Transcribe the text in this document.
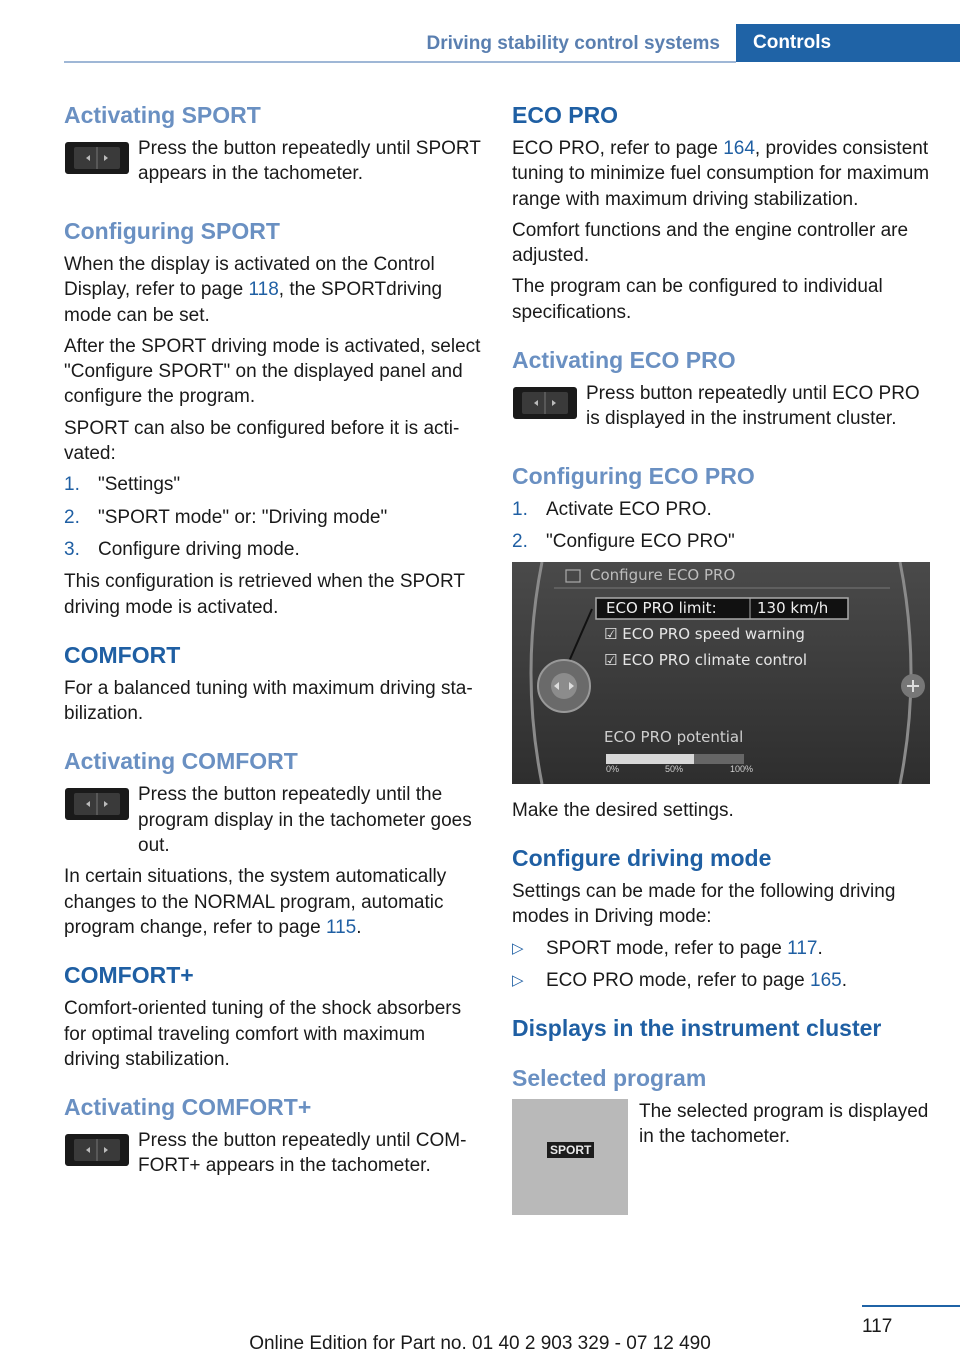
Driving stability control systems	Controls
Activating SPORT

Press the button repeatedly until SPORT appears in the tachometer.

Configuring SPORT

When the display is activated on the Control Display, refer to page 118, the SPORTdriving mode can be set.

After the SPORT driving mode is activated, select "Configure SPORT" on the displayed panel and configure the program.

SPORT can also be configured before it is activated:

1. "Settings"
2. "SPORT mode" or: "Driving mode"
3. Configure driving mode.

This configuration is retrieved when the SPORT driving mode is activated.

COMFORT

For a balanced tuning with maximum driving stabilization.

Activating COMFORT

Press the button repeatedly until the program display in the tachometer goes out.

In certain situations, the system automatically changes to the NORMAL program, automatic program change, refer to page 115.

COMFORT+

Comfort-oriented tuning of the shock absorbers for optimal traveling comfort with maximum driving stabilization.

Activating COMFORT+

Press the button repeatedly until COMFORT+ appears in the tachometer.

ECO PRO

ECO PRO, refer to page 164, provides consistent tuning to minimize fuel consumption for maximum range with maximum driving stabilization.

Comfort functions and the engine controller are adjusted.

The program can be configured to individual specifications.

Activating ECO PRO

Press button repeatedly until ECO PRO is displayed in the instrument cluster.

Configuring ECO PRO
1. Activate ECO PRO.
2. "Configure ECO PRO"
Configure ECO PRO
ECO PRO limit:	130 km/h
☑ ECO PRO speed warning
☑ ECO PRO climate control
ECO PRO potential
0%	50%	100%

Make the desired settings.

Configure driving mode

Settings can be made for the following driving modes in Driving mode:

▷ SPORT mode, refer to page 117.
▷ ECO PRO mode, refer to page 165.
Displays in the instrument cluster
Selected program
SPORT

The selected program is displayed in the tachometer.

117
Online Edition for Part no. 01 40 2 903 329 - 07 12 490
